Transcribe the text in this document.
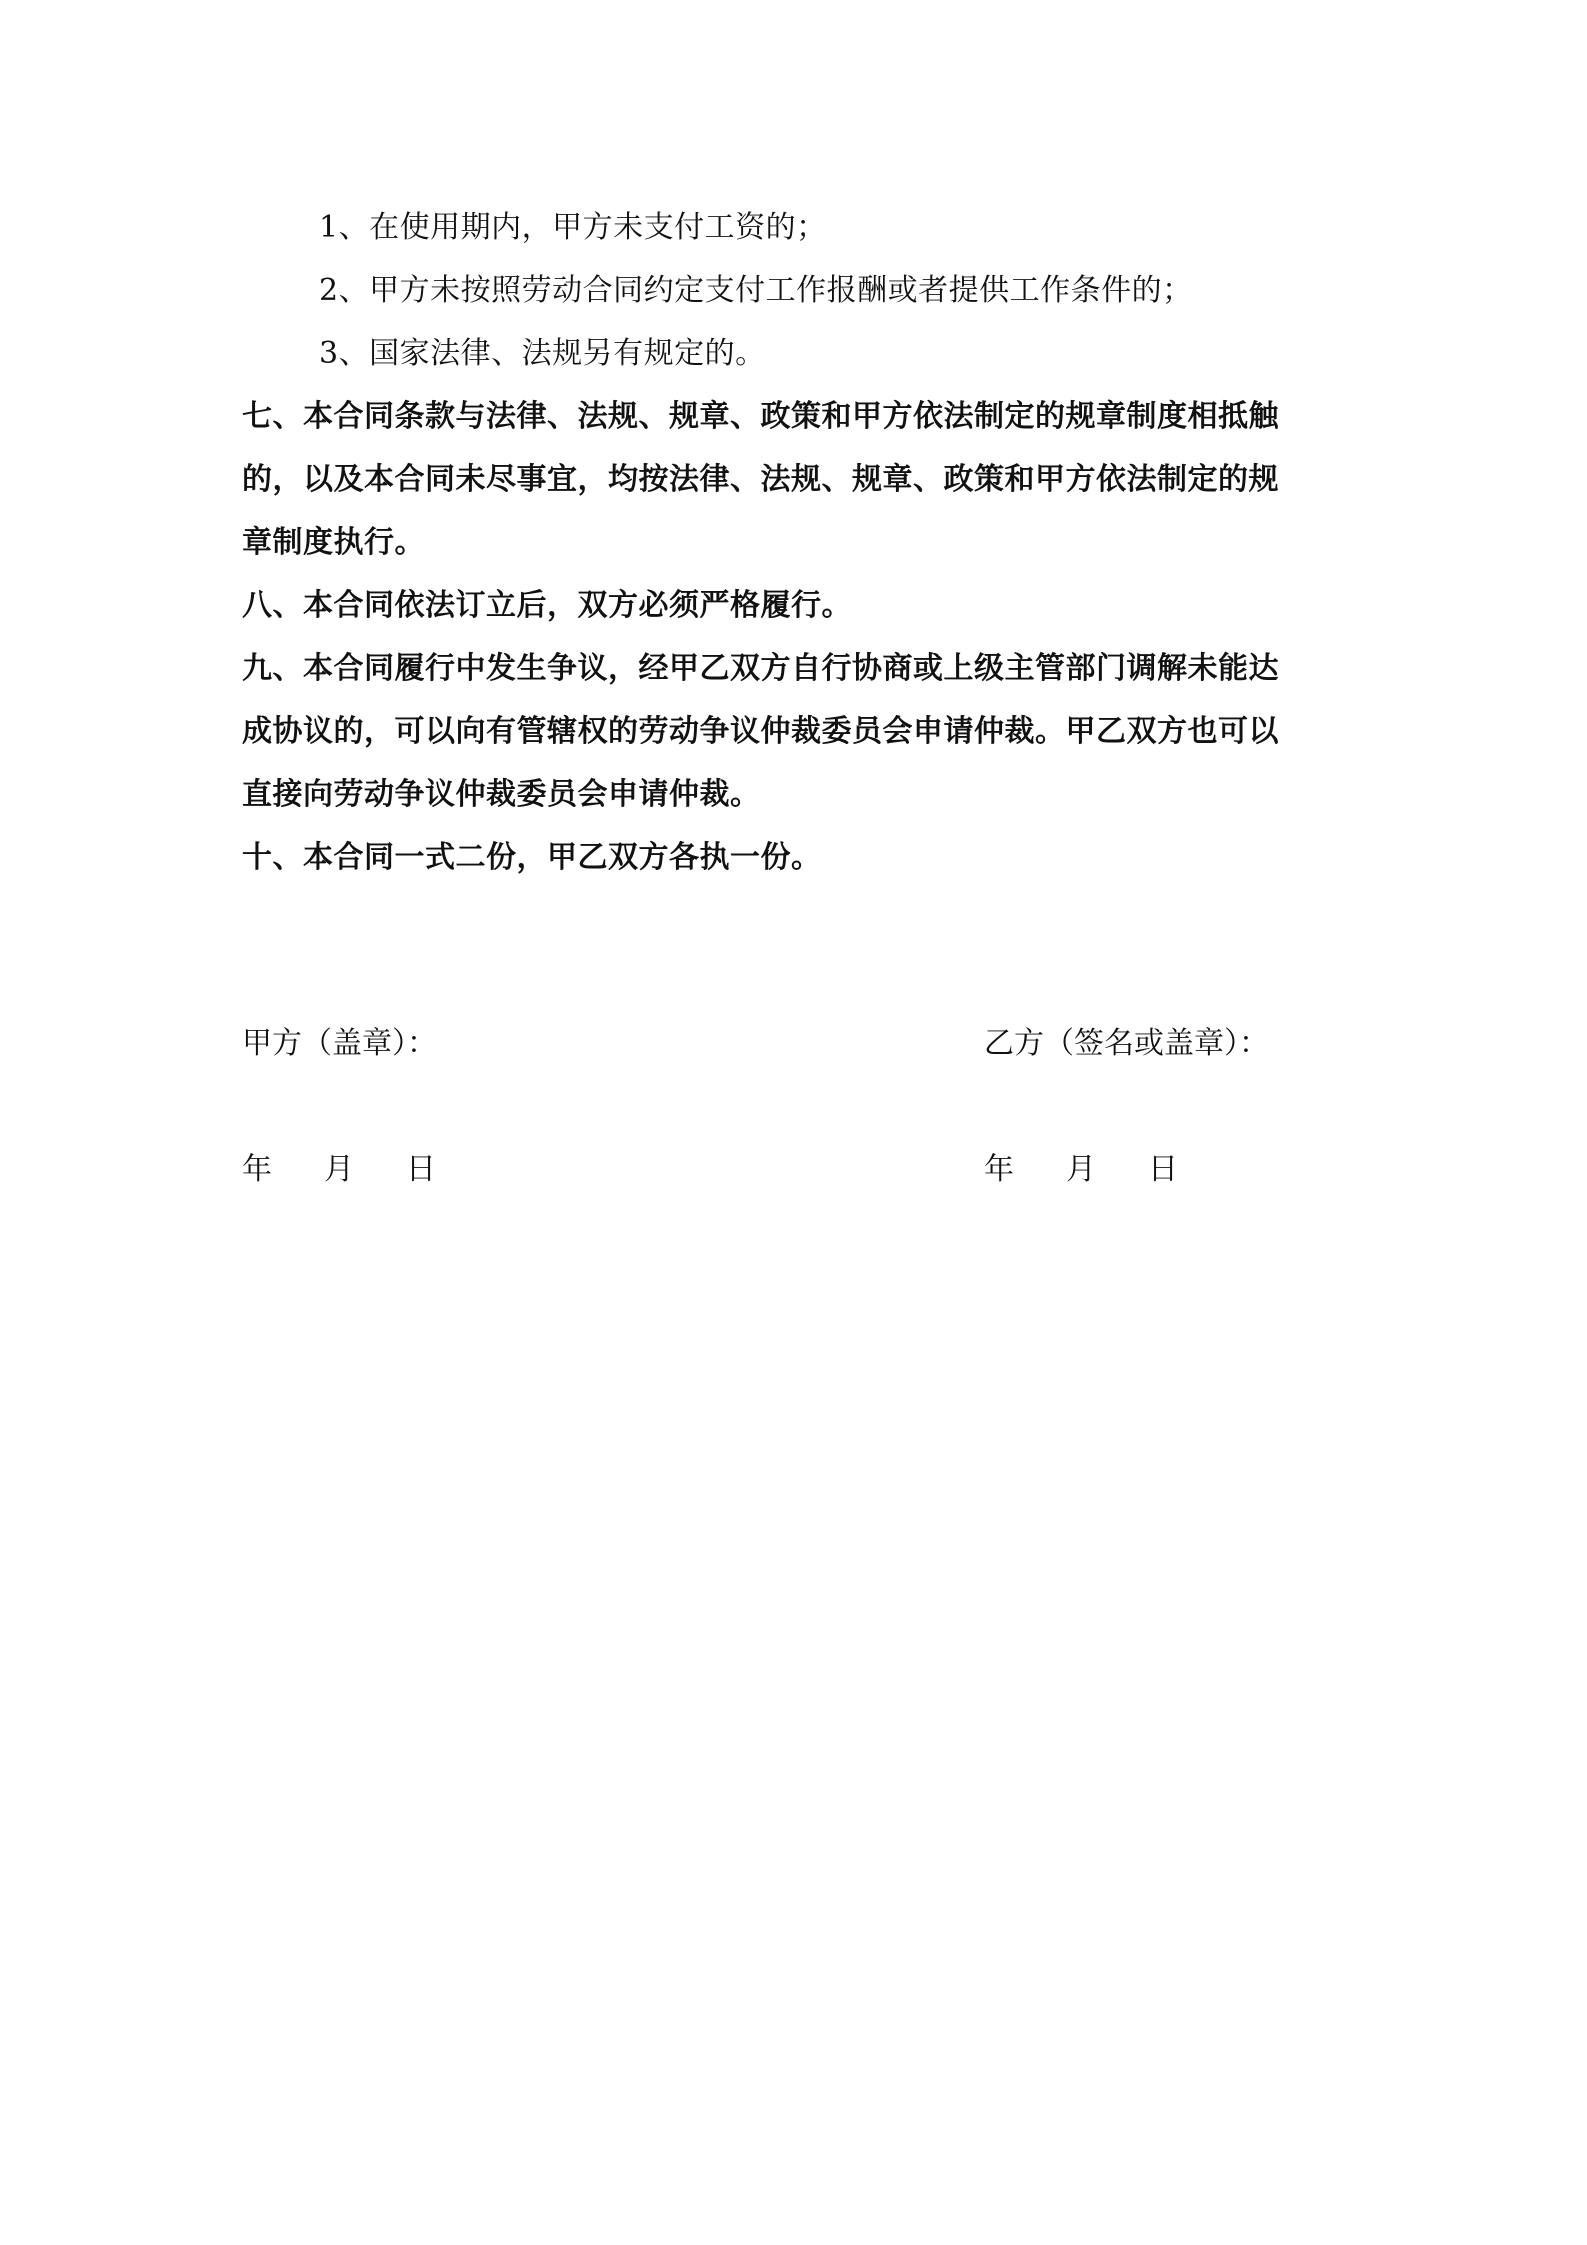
1、在使用期内，甲方未支付工资的；
2、甲方未按照劳动合同约定支付工作报酬或者提供工作条件的；
3、国家法律、法规另有规定的。
七、本合同条款与法律、法规、规章、政策和甲方依法制定的规章制度相抵触
的，以及本合同未尽事宜，均按法律、法规、规章、政策和甲方依法制定的规
章制度执行。
八、本合同依法订立后，双方必须严格履行。
九、本合同履行中发生争议，经甲乙双方自行协商或上级主管部门调解未能达
成协议的，可以向有管辖权的劳动争议仲裁委员会申请仲裁。甲乙双方也可以
直接向劳动争议仲裁委员会申请仲裁。
十、本合同一式二份，甲乙双方各执一份。
甲方（盖章）：
年 月 日
乙方（签名或盖章）：
年 月 日
